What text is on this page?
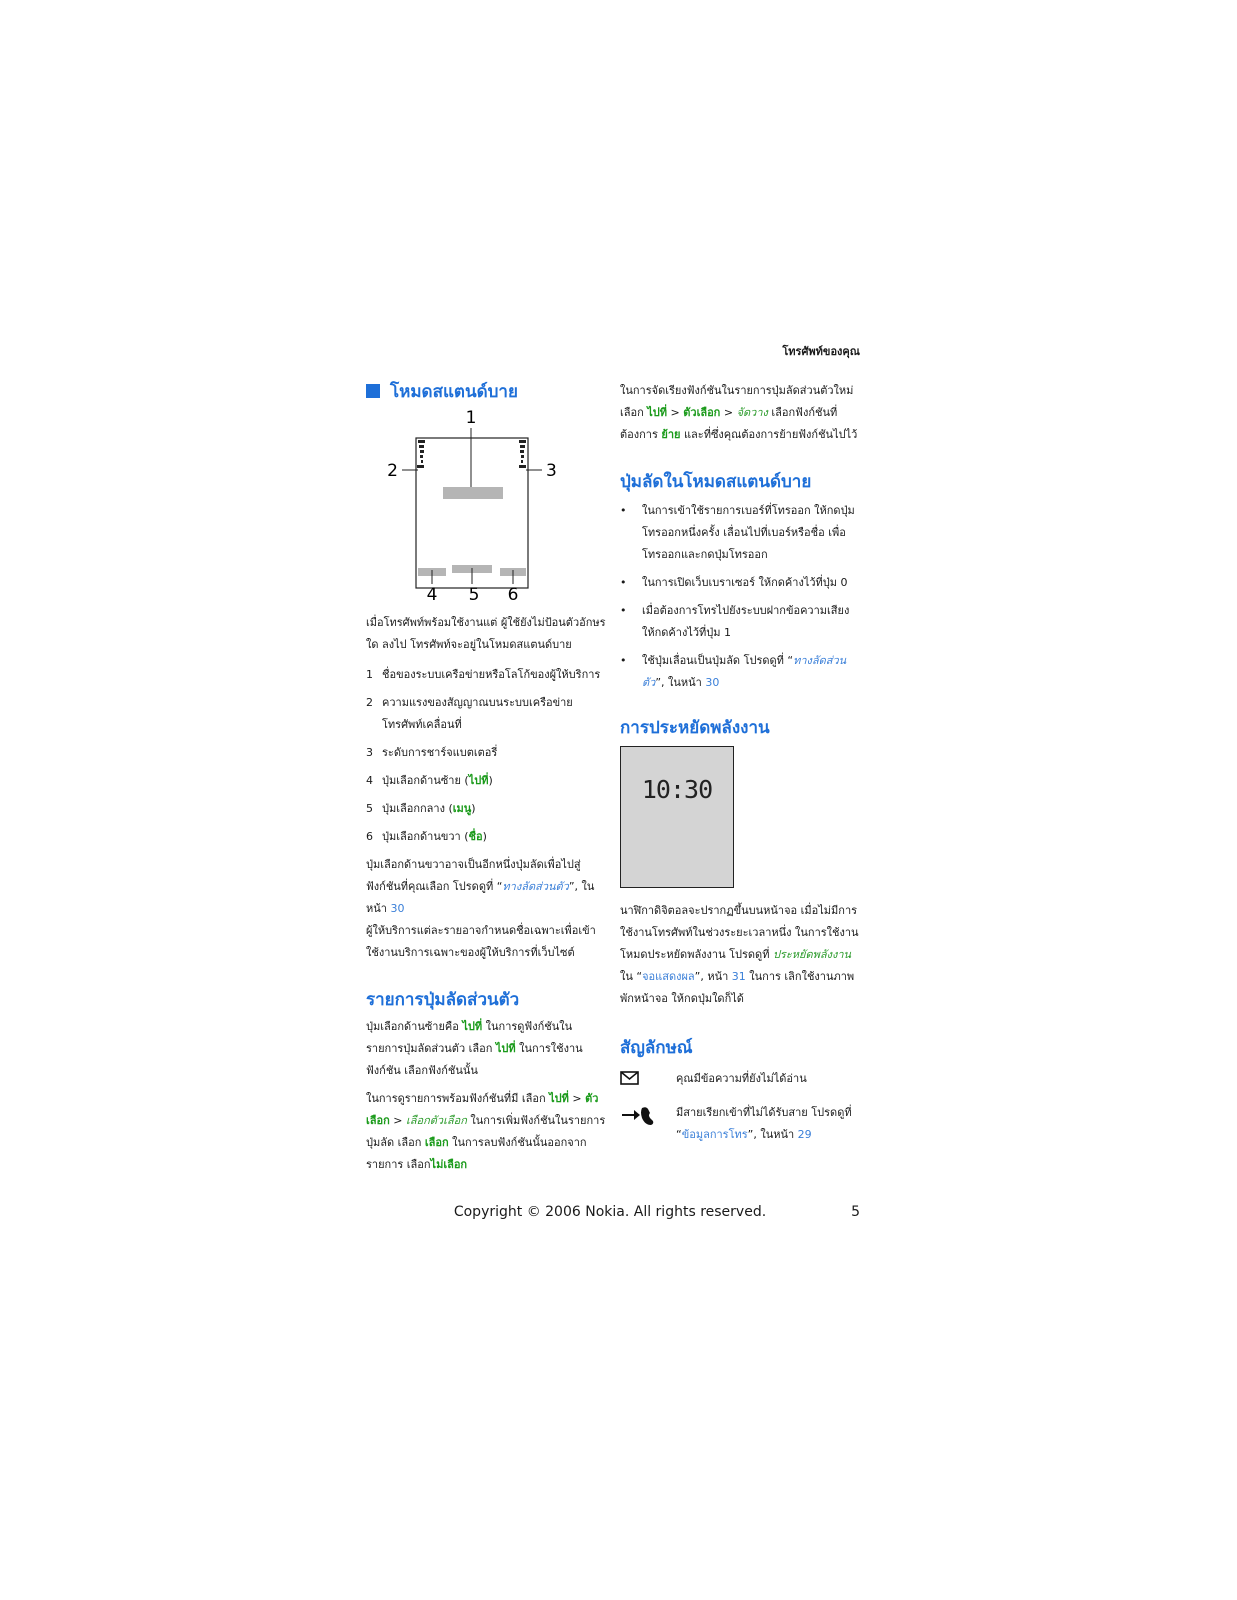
โทรศัพท์ของคุณ
โหมดสแตนด์บาย
1
2	3
4 5 6

เมื่อโทรศัพท์พร้อมใช้งานแต่ ผู้ใช้ยังไม่ป้อนตัวอักษรใด ลงไป โทรศัพท์จะอยู่ในโหมดสแตนด์บาย

1 ชื่อของระบบเครือข่ายหรือโลโก้ของผู้ให้บริการ
2 ความแรงของสัญญาณบนระบบเครือข่ายโทรศัพท์เคลื่อนที่
3 ระดับการชาร์จแบตเตอรี่
4 ปุ่มเลือกด้านซ้าย (ไปที่)
5 ปุ่มเลือกกลาง (เมนู)
6 ปุ่มเลือกด้านขวา (ชื่อ)

ปุ่มเลือกด้านขวาอาจเป็นอีกหนึ่งปุ่มลัดเพื่อไปสู่ฟังก์ชันที่คุณเลือก โปรดดูที่ “ทางลัดส่วนตัว”, ในหน้า 30

ผู้ให้บริการแต่ละรายอาจกำหนดชื่อเฉพาะเพื่อเข้าใช้งานบริการเฉพาะของผู้ให้บริการที่เว็บไซต์

รายการปุ่มลัดส่วนตัว

ปุ่มเลือกด้านซ้ายคือ ไปที่ ในการดูฟังก์ชันในรายการปุ่มลัดส่วนตัว เลือก ไปที่ ในการใช้งานฟังก์ชัน เลือกฟังก์ชันนั้น

ในการดูรายการพร้อมฟังก์ชันที่มี เลือก ไปที่ > ตัวเลือก > เลือกตัวเลือก ในการเพิ่มฟังก์ชันในรายการปุ่มลัด เลือก เลือก ในการลบฟังก์ชันนั้นออกจากรายการ เลือกไม่เลือก

ในการจัดเรียงฟังก์ชันในรายการปุ่มลัดส่วนตัวใหม่ เลือก ไปที่ > ตัวเลือก > จัดวาง เลือกฟังก์ชันที่ต้องการ ย้าย และที่ซึ่งคุณต้องการย้ายฟังก์ชันไปไว้

ปุ่มลัดในโหมดสแตนด์บาย
•	ในการเข้าใช้รายการเบอร์ที่โทรออก ให้กดปุ่มโทรออกหนึ่งครั้ง เลื่อนไปที่เบอร์หรือชื่อ เพื่อโทรออกและกดปุ่มโทรออก
•	ในการเปิดเว็บเบราเซอร์ ให้กดค้างไว้ที่ปุ่ม 0
•	เมื่อต้องการโทรไปยังระบบฝากข้อความเสียง ให้กดค้างไว้ที่ปุ่ม 1
•	ใช้ปุ่มเลื่อนเป็นปุ่มลัด โปรดดูที่ “ทางลัดส่วนตัว”, ในหน้า 30
การประหยัดพลังงาน
10:30

นาฬิกาดิจิตอลจะปรากฏขึ้นบนหน้าจอ เมื่อไม่มีการใช้งานโทรศัพท์ในช่วงระยะเวลาหนึ่ง ในการใช้งานโหมดประหยัดพลังงาน โปรดดูที่ ประหยัดพลังงาน ใน “จอแสดงผล”, หน้า 31 ในการ เลิกใช้งานภาพพักหน้าจอ ให้กดปุ่มใดก็ได้

สัญลักษณ์
คุณมีข้อความที่ยังไม่ได้อ่าน
มีสายเรียกเข้าที่ไม่ได้รับสาย โปรดดูที่ “ข้อมูลการโทร”, ในหน้า 29
Copyright © 2006 Nokia. All rights reserved.	5
